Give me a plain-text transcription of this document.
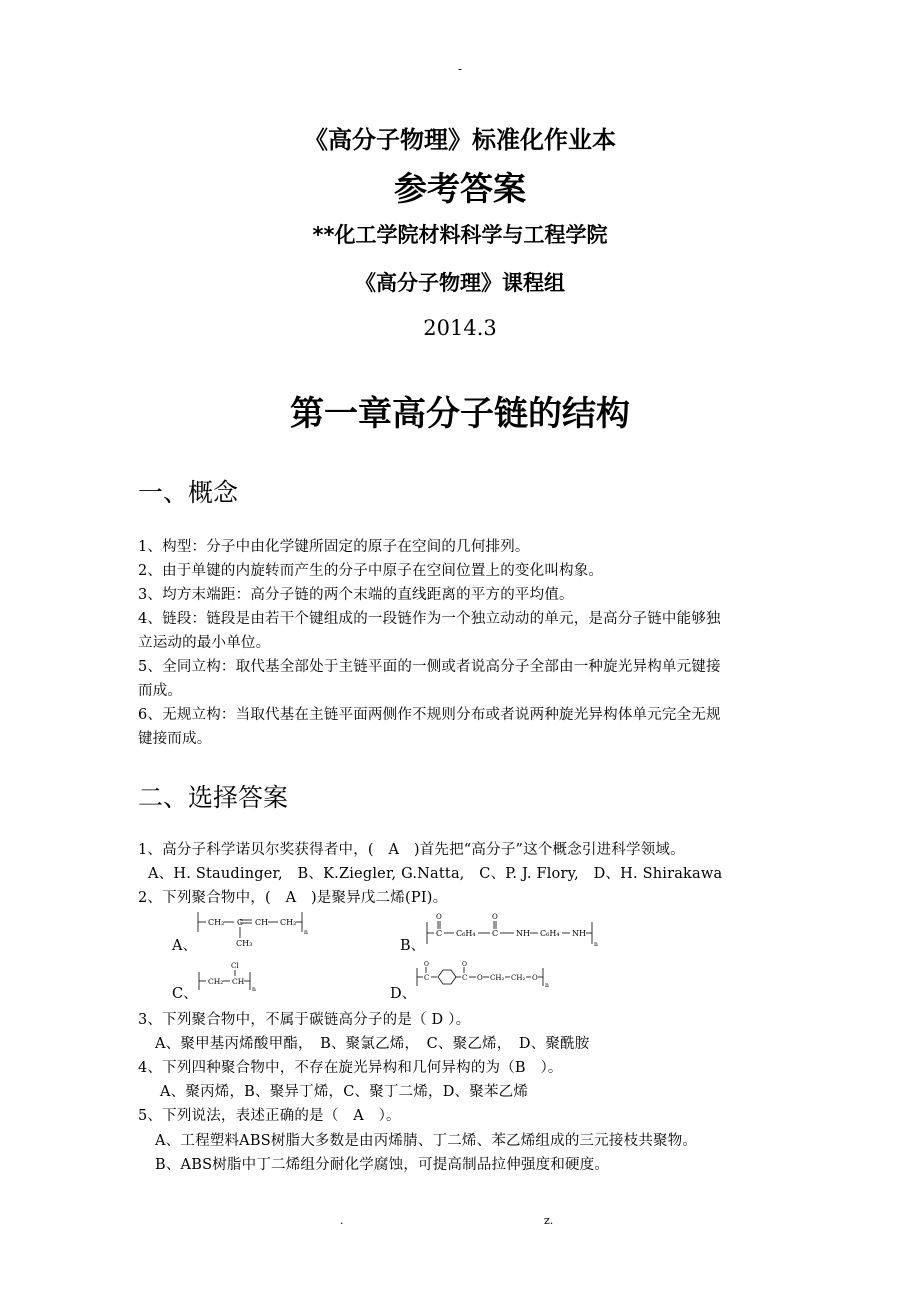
-
《高分子物理》标准化作业本
参考答案
**化工学院材料科学与工程学院
《高分子物理》课程组
2014.3
第一章高分子链的结构
一、概念
1、构型：分子中由化学键所固定的原子在空间的几何排列。
2、由于单键的内旋转而产生的分子中原子在空间位置上的变化叫构象。
3、均方末端距：高分子链的两个末端的直线距离的平方的平均值。
4、链段：链段是由若干个键组成的一段链作为一个独立动动的单元，是高分子链中能够独
立运动的最小单位。
5、全同立构：取代基全部处于主链平面的一侧或者说高分子全部由一种旋光异构单元键接
而成。
6、无规立构：当取代基在主链平面两侧作不规则分布或者说两种旋光异构体单元完全无规
键接而成。
二、选择答案
1、高分子科学诺贝尔奖获得者中，(　A　)首先把“高分子”这个概念引进科学领域。
A、H. Staudinger,　B、K.Ziegler, G.Natta,　C、P. J. Flory,　D、H. Shirakawa
2、下列聚合物中，(　A　)是聚异戊二烯(PI)。
A、
CH₂ C CH CH₂
n
CH₃	B、
C
O
C₆H₄ C
O
NH C₆H₄ NH
n
C、
CH₂ CH
Cl
n	D、
C
O
C
O
O CH₂ CH₂ O
n
3、下列聚合物中，不属于碳链高分子的是（ D ）。
A、聚甲基丙烯酸甲酯，　B、聚氯乙烯，　C、聚乙烯，　D、聚酰胺
4、下列四种聚合物中，不存在旋光异构和几何异构的为（B　）。
A、聚丙烯，B、聚异丁烯，C、聚丁二烯，D、聚苯乙烯
5、下列说法，表述正确的是（　A　）。
A、工程塑料ABS树脂大多数是由丙烯腈、丁二烯、苯乙烯组成的三元接枝共聚物。
B、ABS树脂中丁二烯组分耐化学腐蚀，可提高制品拉伸强度和硬度。
.	z.
